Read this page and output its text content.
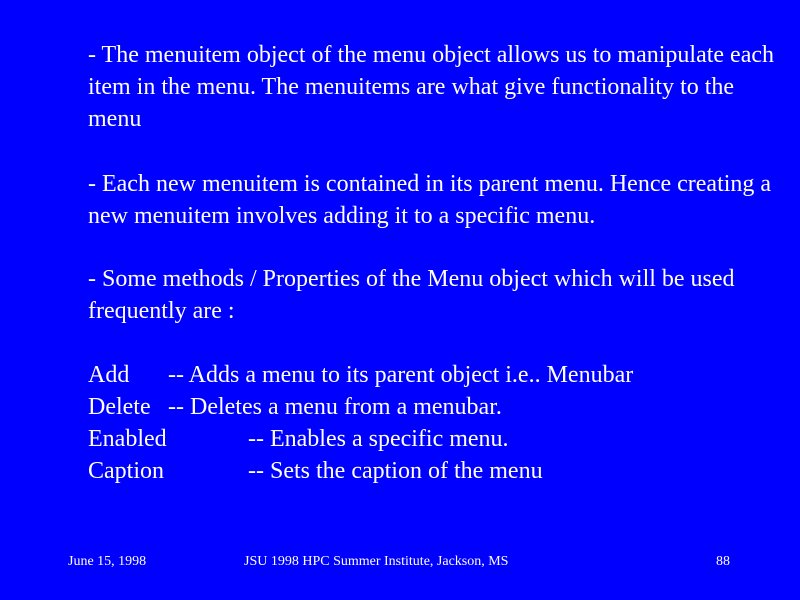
- The menuitem object of the menu object allows us to manipulate each item in the menu. The menuitems are what give functionality to the menu

- Each new menuitem is contained in its parent menu. Hence creating a new menuitem involves adding it to a specific menu.

- Some methods / Properties of the Menu object which will be used frequently are :

Add -- Adds a menu to its parent object i.e.. Menubar
Delete -- Deletes a menu from a menubar.
Enabled	-- Enables a specific menu.
Caption	-- Sets the caption of the menu
June 15, 1998	JSU 1998 HPC Summer Institute, Jackson, MS	88
